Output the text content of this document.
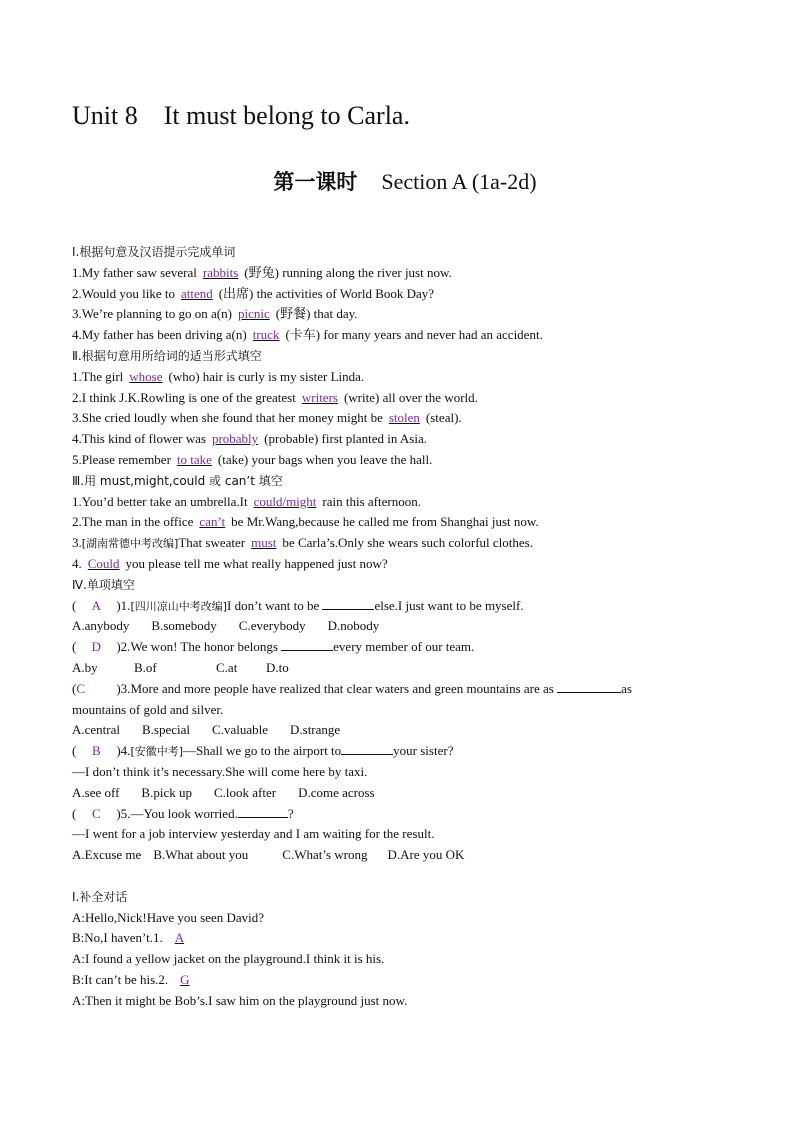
Unit 8    It must belong to Carla.
第一课时 Section A (1a-2d)
Ⅰ.根据句意及汉语提示完成单词
1.My father saw several rabbits (野兔) running along the river just now.
2.Would you like to attend (出席) the activities of World Book Day?
3.We’re planning to go on a(n) picnic (野餐) that day.
4.My father has been driving a(n) truck (卡车) for many years and never had an accident.
Ⅱ.根据句意用所给词的适当形式填空
1.The girl whose (who) hair is curly is my sister Linda.
2.I think J.K.Rowling is one of the greatest writers (write) all over the world.
3.She cried loudly when she found that her money might be stolen (steal).
4.This kind of flower was probably (probable) first planted in Asia.
5.Please remember to take (take) your bags when you leave the hall.
Ⅲ.用 must,might,could 或 can’t 填空
1.You’d better take an umbrella.It could/might rain this afternoon.
2.The man in the office can’t be Mr.Wang,because he called me from Shanghai just now.
3.[湖南常德中考改编]That sweater must be Carla’s.Only she wears such colorful clothes.
4. Could you please tell me what really happened just now?
Ⅳ.单项填空
( A )1.[四川凉山中考改编]I don’t want to be	else.I just want to be myself.
A.anybody B.somebody C.everybody D.nobody
( D )2.We won! The honor belongs	every member of our team.
A.by	B.of	C.at D.to
(C )3.More and more people have realized that clear waters and green mountains are as	as
mountains of gold and silver.
A.central B.special C.valuable D.strange
( B )4.[安徽中考]—Shall we go to the airport to	your sister?
—I don’t think it’s necessary.She will come here by taxi.
A.see off B.pick up C.look after D.come across
( C )5.—You look worried.	?
—I went for a job interview yesterday and I am waiting for the result.
A.Excuse me B.What about you	C.What’s wrong D.Are you OK
Ⅰ.补全对话
A:Hello,Nick!Have you seen David?
B:No,I haven’t.1. A
A:I found a yellow jacket on the playground.I think it is his.
B:It can’t be his.2. G
A:Then it might be Bob’s.I saw him on the playground just now.
